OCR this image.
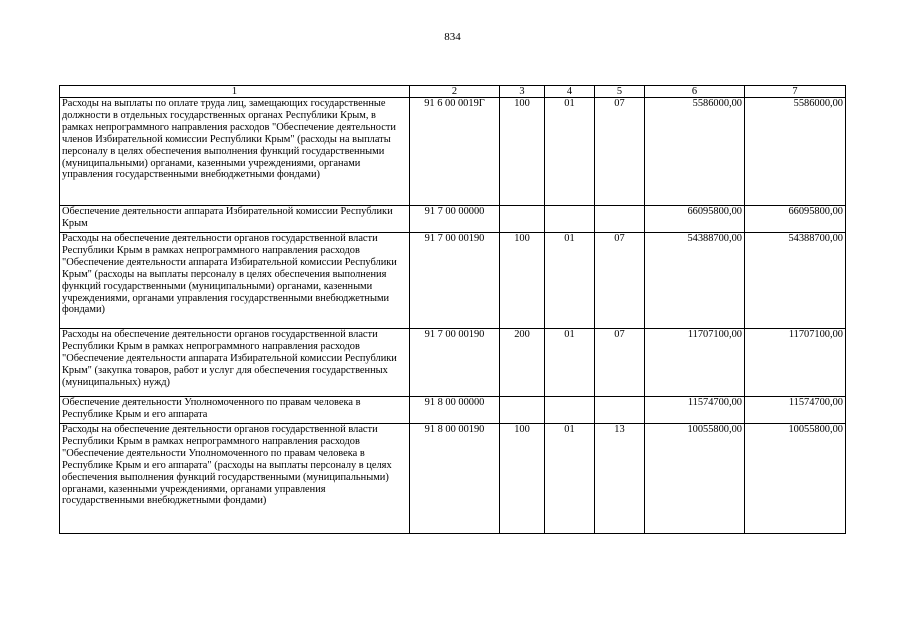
834
1	2	3	4	5	6	7
Расходы на выплаты по оплате труда лиц, замещающих государственные должности в отдельных государственных органах Республики Крым, в рамках непрограммного направления расходов "Обеспечение деятельности членов Избирательной комиссии Республики Крым" (расходы на выплаты персоналу в целях обеспечения выполнения функций государственными (муниципальными) органами, казенными учреждениями, органами управления государственными внебюджетными фондами)	91 6 00 0019Г	100	01	07	5586000,00	5586000,00
Обеспечение деятельности аппарата Избирательной комиссии Республики Крым	91 7 00 00000				66095800,00	66095800,00
Расходы на обеспечение деятельности органов государственной власти Республики Крым в рамках непрограммного направления расходов "Обеспечение деятельности аппарата Избирательной комиссии Республики Крым" (расходы на выплаты персоналу в целях обеспечения выполнения функций государственными (муниципальными) органами, казенными учреждениями, органами управления государственными внебюджетными фондами)	91 7 00 00190	100	01	07	54388700,00	54388700,00
Расходы на обеспечение деятельности органов государственной власти Республики Крым в рамках непрограммного направления расходов "Обеспечение деятельности аппарата Избирательной комиссии Республики Крым" (закупка товаров, работ и услуг для обеспечения государственных (муниципальных) нужд)	91 7 00 00190	200	01	07	11707100,00	11707100,00
Обеспечение деятельности Уполномоченного по правам человека в Республике Крым и его аппарата	91 8 00 00000				11574700,00	11574700,00
Расходы на обеспечение деятельности органов государственной власти Республики Крым в рамках непрограммного направления расходов "Обеспечение деятельности Уполномоченного по правам человека в Республике Крым и его аппарата" (расходы на выплаты персоналу в целях обеспечения выполнения функций государственными (муниципальными) органами, казенными учреждениями, органами управления государственными внебюджетными фондами)	91 8 00 00190	100	01	13	10055800,00	10055800,00
